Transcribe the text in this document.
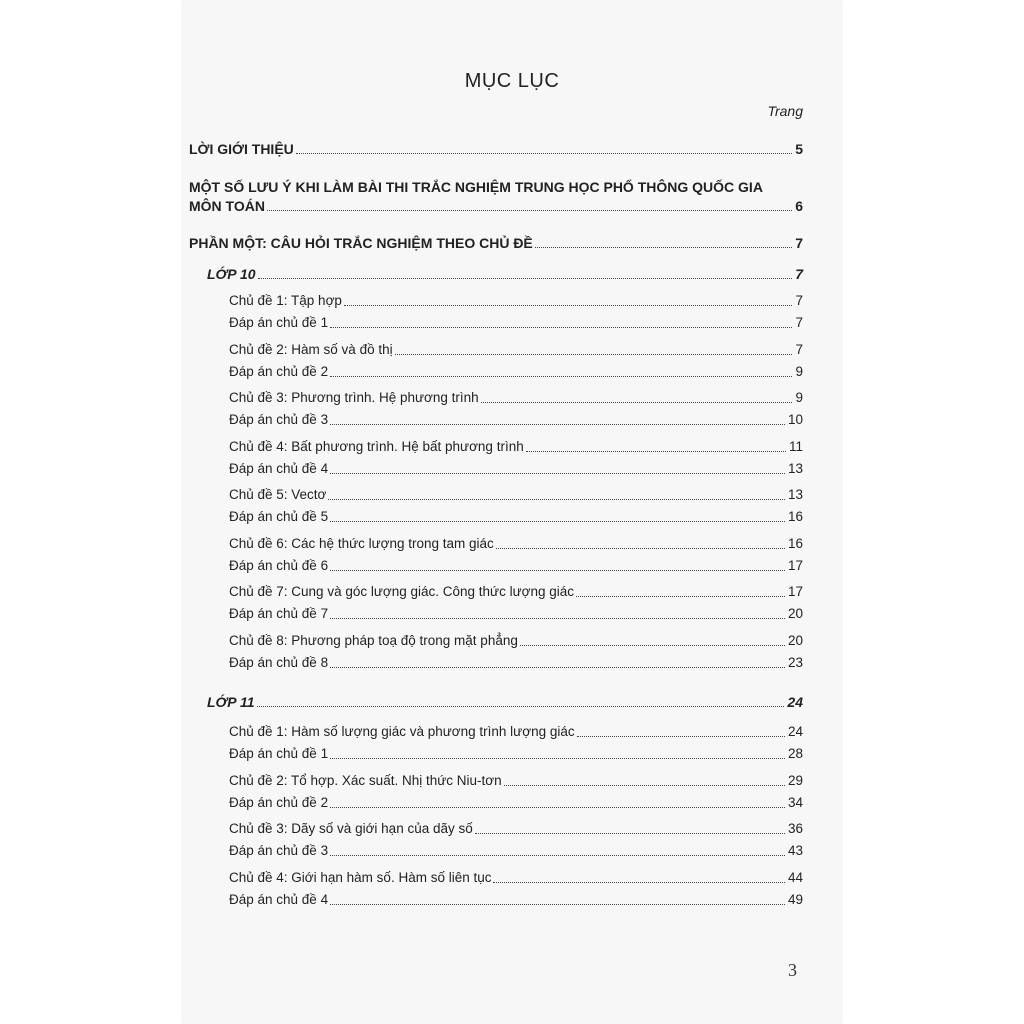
MỤC LỤC
Trang
LỜI GIỚI THIỆU	5
MỘT SỐ LƯU Ý KHI LÀM BÀI THI TRẮC NGHIỆM TRUNG HỌC PHỔ THÔNG QUỐC GIA
MÔN TOÁN	6
PHẦN MỘT: CÂU HỎI TRẮC NGHIỆM THEO CHỦ ĐỀ	7
LỚP 10	7
Chủ đề 1: Tập hợp	7
Đáp án chủ đề 1	7
Chủ đề 2: Hàm số và đồ thị	7
Đáp án chủ đề 2	9
Chủ đề 3: Phương trình. Hệ phương trình	9
Đáp án chủ đề 3	10
Chủ đề 4: Bất phương trình. Hệ bất phương trình	11
Đáp án chủ đề 4	13
Chủ đề 5: Vectơ	13
Đáp án chủ đề 5	16
Chủ đề 6: Các hệ thức lượng trong tam giác	16
Đáp án chủ đề 6	17
Chủ đề 7: Cung và góc lượng giác. Công thức lượng giác	17
Đáp án chủ đề 7	20
Chủ đề 8: Phương pháp toạ độ trong mặt phẳng	20
Đáp án chủ đề 8	23
LỚP 11	24
Chủ đề 1: Hàm số lượng giác và phương trình lượng giác	24
Đáp án chủ đề 1	28
Chủ đề 2: Tổ hợp. Xác suất. Nhị thức Niu-tơn	29
Đáp án chủ đề 2	34
Chủ đề 3: Dãy số và giới hạn của dãy số	36
Đáp án chủ đề 3	43
Chủ đề 4: Giới hạn hàm số. Hàm số liên tục	44
Đáp án chủ đề 4	49
3
